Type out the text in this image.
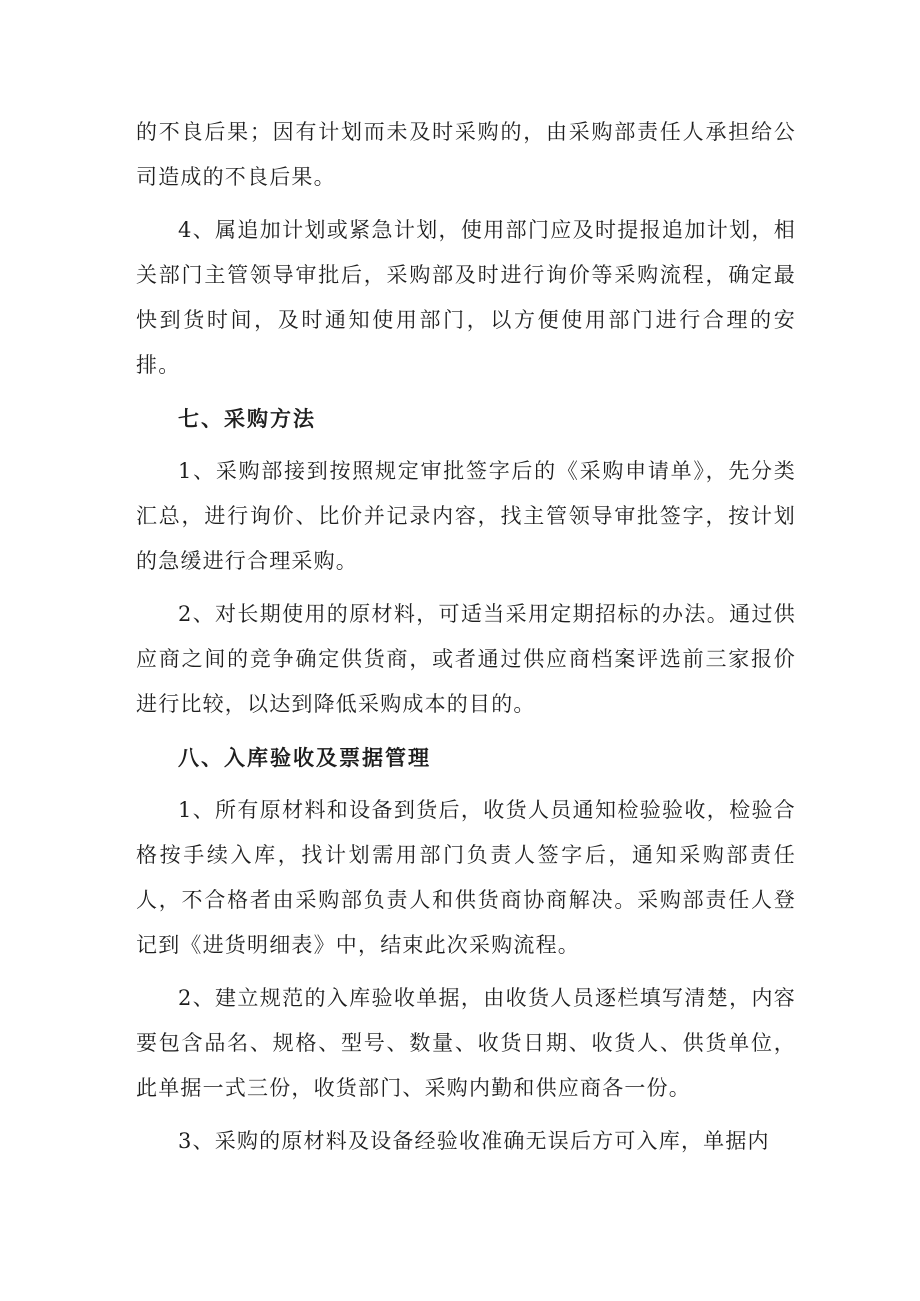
的不良后果；因有计划而未及时采购的，由采购部责任人承担给公司造成的不良后果。

4、属追加计划或紧急计划，使用部门应及时提报追加计划，相关部门主管领导审批后，采购部及时进行询价等采购流程，确定最快到货时间，及时通知使用部门，以方便使用部门进行合理的安排。

七、采购方法

1、采购部接到按照规定审批签字后的《采购申请单》，先分类汇总，进行询价、比价并记录内容，找主管领导审批签字，按计划的急缓进行合理采购。

2、对长期使用的原材料，可适当采用定期招标的办法。通过供应商之间的竞争确定供货商，或者通过供应商档案评选前三家报价进行比较，以达到降低采购成本的目的。

八、入库验收及票据管理

1、所有原材料和设备到货后，收货人员通知检验验收，检验合格按手续入库，找计划需用部门负责人签字后，通知采购部责任人，不合格者由采购部负责人和供货商协商解决。采购部责任人登记到《进货明细表》中，结束此次采购流程。

2、建立规范的入库验收单据，由收货人员逐栏填写清楚，内容要包含品名、规格、型号、数量、收货日期、收货人、供货单位，此单据一式三份，收货部门、采购内勤和供应商各一份。

3、采购的原材料及设备经验收准确无误后方可入库，单据内
